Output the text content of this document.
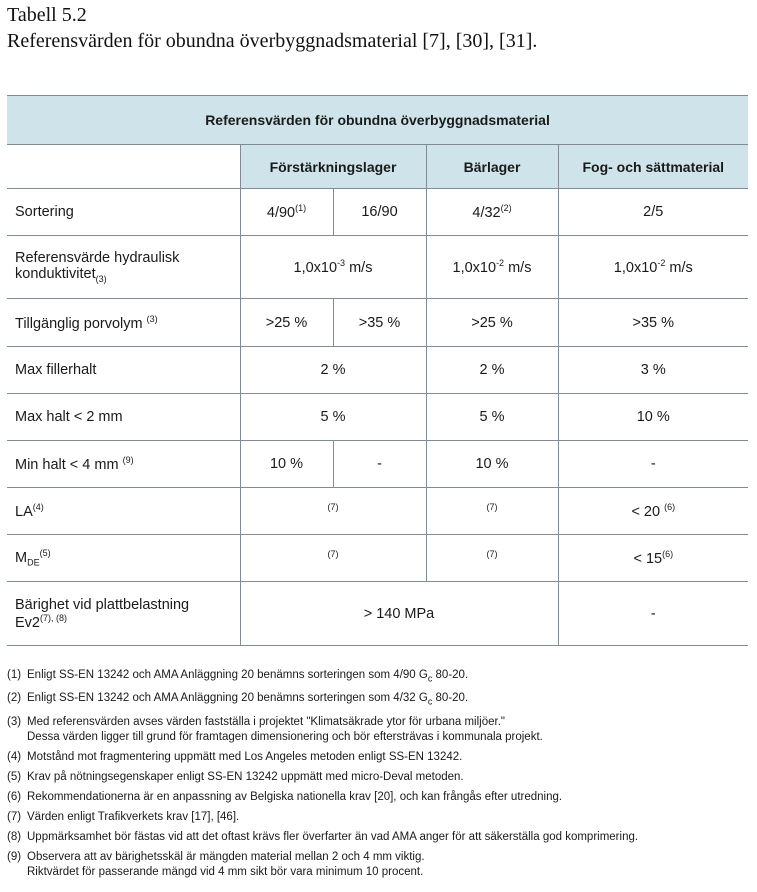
Tabell 5.2
Referensvärden för obundna överbyggnadsmaterial [7], [30], [31].
Referensvärden för obundna överbyggnadsmaterial				
	Förstärkningslager		Bärlager	Fog- och sättmaterial
Sortering	4/90$^{(1)}$	16/90	4/32$^{(2)}$	2/5

Referensvärde hydraulisk
konduktivitet$_{(3)}$	$1,0x10^{-3}$ m/s		$1,0x10^{-2}$ m/s	$1,0x10^{-2}$ m/s
Tillgänglig porvolym $^{(3)}$	>25 %	>35 %	>25 %	>35 %
Max fillerhalt	2 %		2 %	3 %
Max halt < 2 mm	5 %		5 %	10 %
Min halt < 4 mm $^{(9)}$	10 %	-	10 %	-
LA$^{(4)}$	$^{(7)}$		$^{(7)}$	< 20 $^{(6)}$
$M_{DE}^{(5)}$	$^{(7)}$		$^{(7)}$	< $15^{(6)}$

Bärighet vid plattbelastning
$Ev2^{(7), (8)}$	> 140 MPa			-
(1) Enligt SS-EN 13242 och AMA Anläggning 20 benämns sorteringen som 4/90 $G_c$ 80-20.
(2) Enligt SS-EN 13242 och AMA Anläggning 20 benämns sorteringen som 4/32 $G_c$ 80-20.
(3) Med referensvärden avses värden fastställa i projektet "Klimatsäkrade ytor för urbana miljöer."
Dessa värden ligger till grund för framtagen dimensionering och bör eftersträvas i kommunala projekt.
(4) Motstånd mot fragmentering uppmätt med Los Angeles metoden enligt SS-EN 13242.
(5) Krav på nötningsegenskaper enligt SS-EN 13242 uppmätt med micro-Deval metoden.
(6) Rekommendationerna är en anpassning av Belgiska nationella krav [20], och kan frångås efter utredning.
(7) Värden enligt Trafikverkets krav [17], [46].
(8) Uppmärksamhet bör fästas vid att det oftast krävs fler överfarter än vad AMA anger för att säkerställa god komprimering.
(9) Observera att av bärighetsskäl är mängden material mellan 2 och 4 mm viktig.
Riktvärdet för passerande mängd vid 4 mm sikt bör vara minimum 10 procent.
